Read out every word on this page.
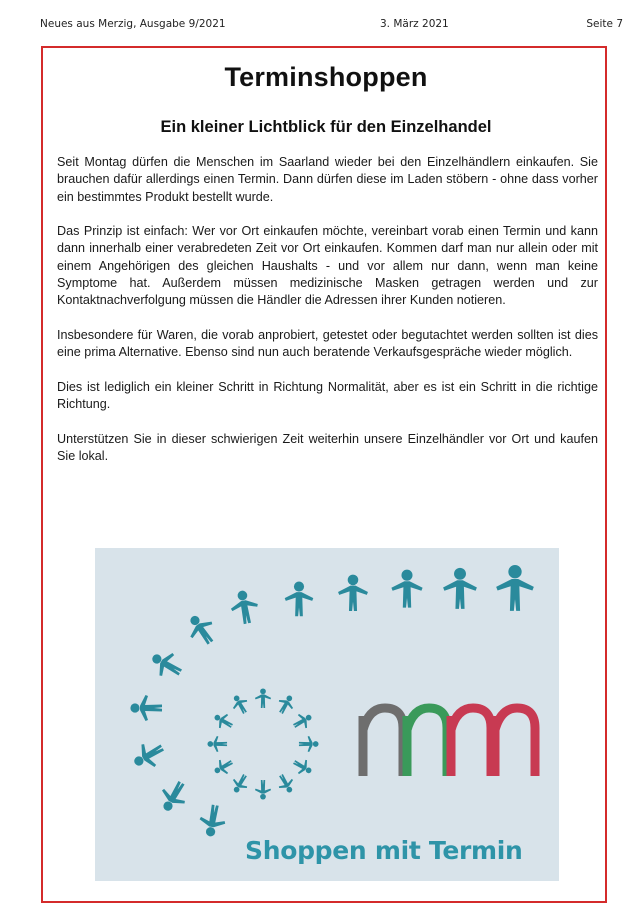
Neues aus Merzig, Ausgabe 9/2021	3. März 2021	Seite 7
Terminshoppen
Ein kleiner Lichtblick für den Einzelhandel

Seit Montag dürfen die Menschen im Saarland wieder bei den Einzelhändlern einkaufen. Sie brauchen dafür allerdings einen Termin. Dann dürfen diese im Laden stöbern - ohne dass vorher ein bestimmtes Produkt bestellt wurde.

Das Prinzip ist einfach: Wer vor Ort einkaufen möchte, vereinbart vorab einen Termin und kann dann innerhalb einer verabredeten Zeit vor Ort einkaufen. Kommen darf man nur allein oder mit einem Angehörigen des gleichen Haushalts - und vor allem nur dann, wenn man keine Symptome hat. Außerdem müssen medizinische Masken getragen werden und zur Kontaktnachverfolgung müssen die Händler die Adressen ihrer Kunden notieren.

Insbesondere für Waren, die vorab anprobiert, getestet oder begutachtet werden sollten ist dies eine prima Alternative. Ebenso sind nun auch beratende Verkaufsgespräche wieder möglich.

Dies ist lediglich ein kleiner Schritt in Richtung Normalität, aber es ist ein Schritt in die richtige Richtung.

Unterstützen Sie in dieser schwierigen Zeit weiterhin unsere Einzelhändler vor Ort und kaufen Sie lokal.

Shoppen mit Termin
